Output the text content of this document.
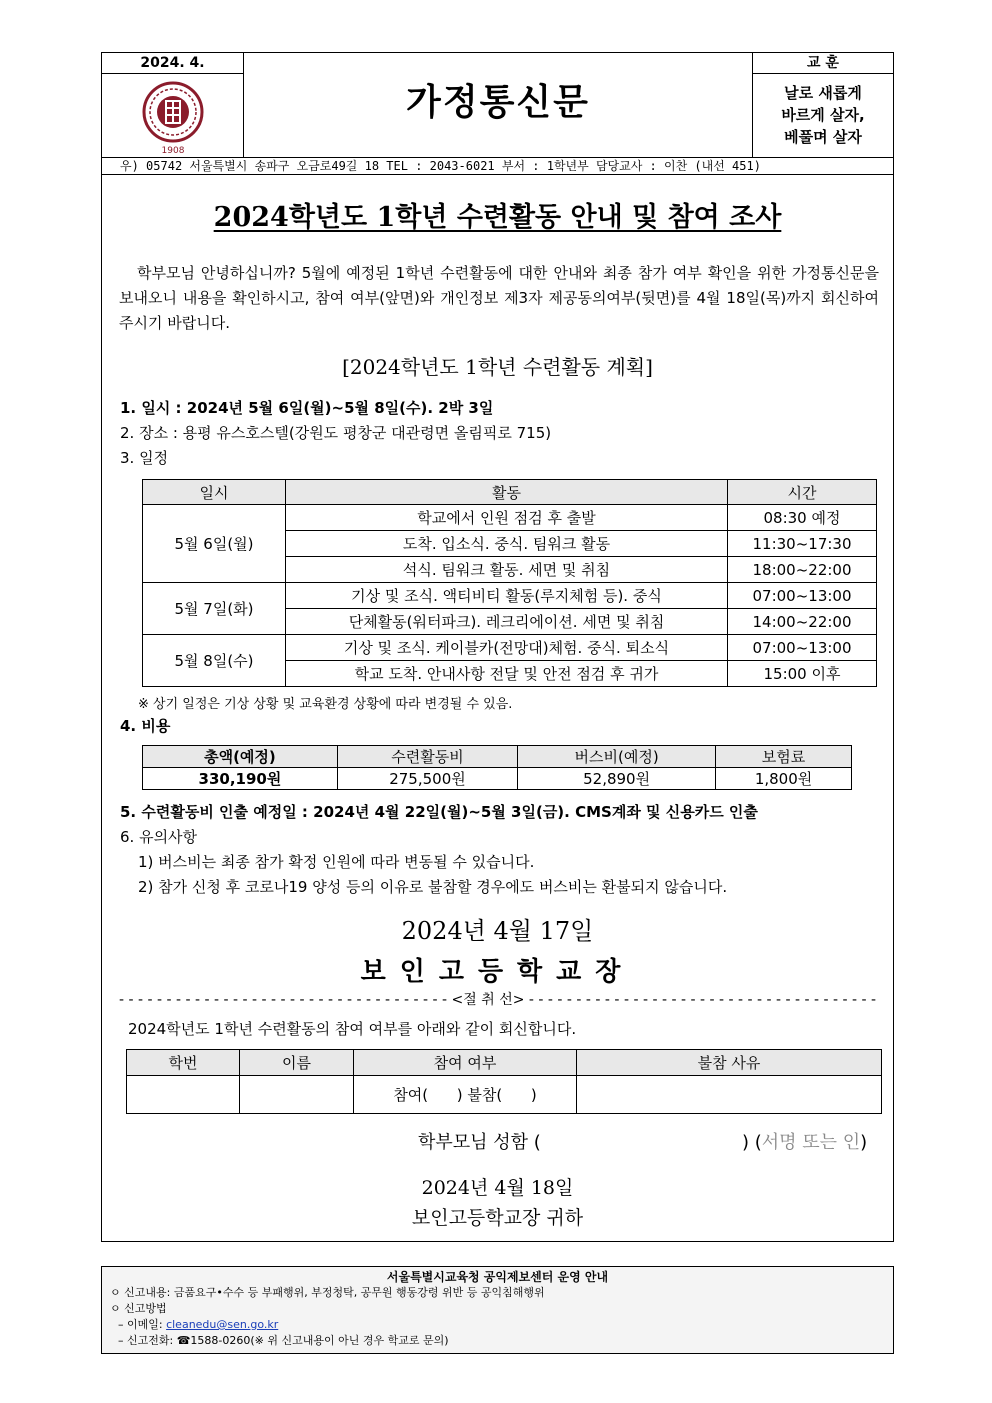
2024. 4.
1908
가정통신문
교 훈
날로 새롭게
바르게 살자,
베풀며 살자
우) 05742 서울특별시 송파구 오금로49길 18 TEL : 2043-6021 부서 : 1학년부 담당교사 : 이찬 (내선 451)
2024학년도 1학년 수련활동 안내 및 참여 조사
학부모님 안녕하십니까? 5월에 예정된 1학년 수련활동에 대한 안내와 최종 참가 여부 확인을 위한 가정통신문을 보내오니 내용을 확인하시고, 참여 여부(앞면)와 개인정보 제3자 제공동의여부(뒷면)를 4월 18일(목)까지 회신하여 주시기 바랍니다.
[2024학년도 1학년 수련활동 계획]
1. 일시 : 2024년 5월 6일(월)~5월 8일(수). 2박 3일
2. 장소 : 용평 유스호스텔(강원도 평창군 대관령면 올림픽로 715)
3. 일정
일시	활동	시간
5월 6일(월)	학교에서 인원 점검 후 출발	08:30 예정
	도착. 입소식. 중식. 팀워크 활동	11:30~17:30
	석식. 팀워크 활동. 세면 및 취침	18:00~22:00
5월 7일(화)	기상 및 조식. 액티비티 활동(루지체험 등). 중식	07:00~13:00
	단체활동(워터파크). 레크리에이션. 세면 및 취침	14:00~22:00
5월 8일(수)	기상 및 조식. 케이블카(전망대)체험. 중식. 퇴소식	07:00~13:00
	학교 도착. 안내사항 전달 및 안전 점검 후 귀가	15:00 이후
※ 상기 일정은 기상 상황 및 교육환경 상황에 따라 변경될 수 있음.
4. 비용
총액(예정)	수련활동비	버스비(예정)	보험료
330,190원	275,500원	52,890원	1,800원
5. 수련활동비 인출 예정일 : 2024년 4월 22일(월)~5월 3일(금). CMS계좌 및 신용카드 인출
6. 유의사항
1) 버스비는 최종 참가 확정 인원에 따라 변동될 수 있습니다.
2) 참가 신청 후 코로나19 양성 등의 이유로 불참할 경우에도 버스비는 환불되지 않습니다.
2024년 4월 17일
보인고등학교장
- - - - - - - - - - - - - - - - - - - - - - - - - - - - - - - - - - - <절 취 선> - - - - - - - - - - - - - - - - - - - - - - - - - - - - - - - - - - - - -
2024학년도 1학년 수련활동의 참여 여부를 아래와 같이 회신합니다.
학번	이름	참여 여부	불참 사유
		참여(      ) 불참(      )	
학부모님 성함 (	) (서명 또는 인)
2024년 4월 18일
보인고등학교장 귀하
서울특별시교육청 공익제보센터 운영 안내
ㅇ 신고내용: 금품요구•수수 등 부패행위, 부정청탁, 공무원 행동강령 위반 등 공익침해행위
ㅇ 신고방법
– 이메일: cleanedu@sen.go.kr
– 신고전화: ☎1588-0260(※ 위 신고내용이 아닌 경우 학교로 문의)
